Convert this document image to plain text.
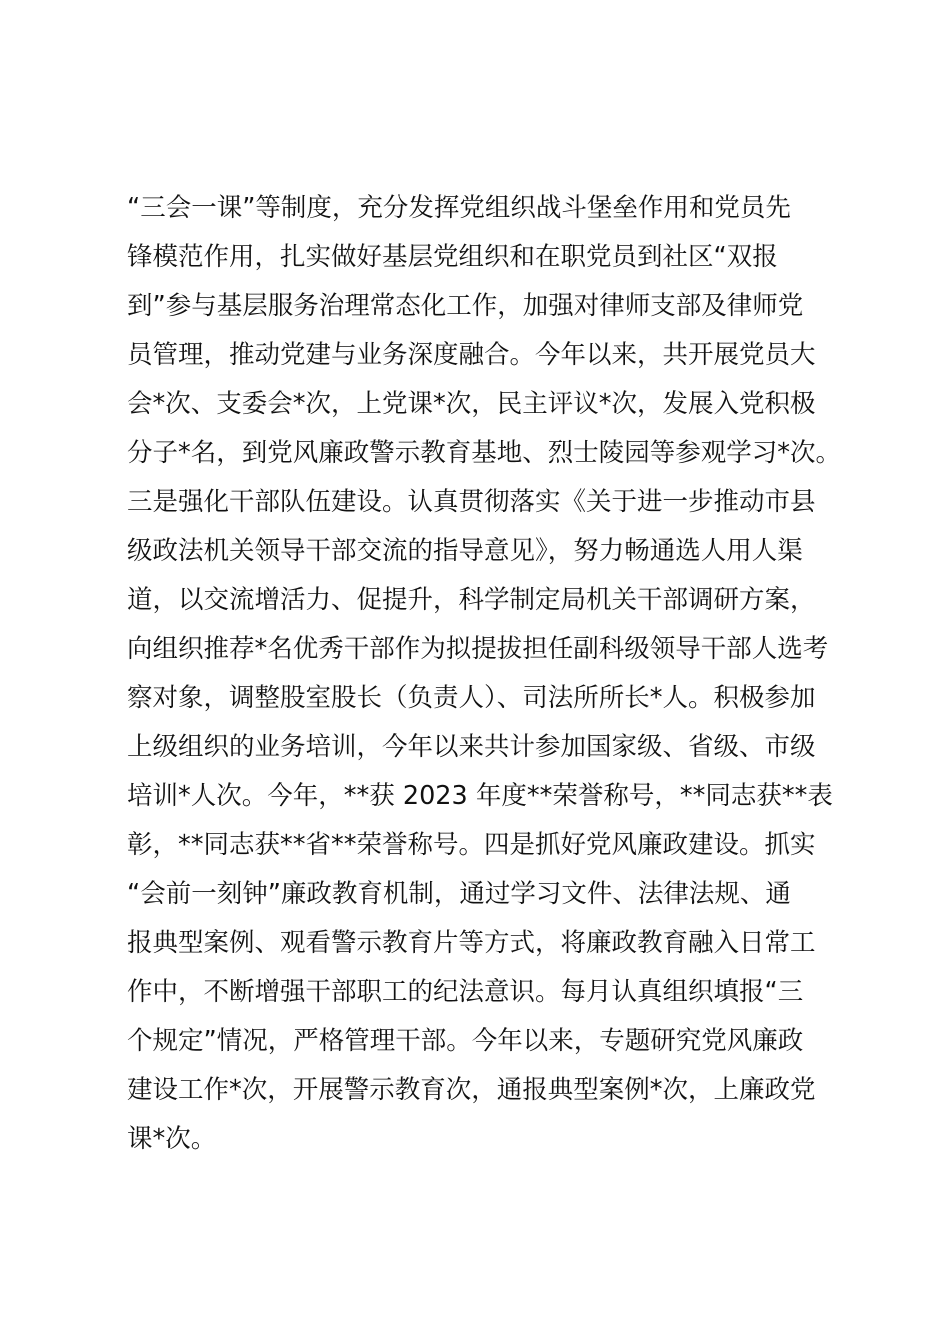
“三会一课”等制度，充分发挥党组织战斗堡垒作用和党员先
锋模范作用，扎实做好基层党组织和在职党员到社区“双报
到”参与基层服务治理常态化工作，加强对律师支部及律师党
员管理，推动党建与业务深度融合。今年以来，共开展党员大
会*次、支委会*次，上党课*次，民主评议*次，发展入党积极
分子*名，到党风廉政警示教育基地、烈士陵园等参观学习*次。
三是强化干部队伍建设。认真贯彻落实《关于进一步推动市县
级政法机关领导干部交流的指导意见》，努力畅通选人用人渠
道，以交流增活力、促提升，科学制定局机关干部调研方案，
向组织推荐*名优秀干部作为拟提拔担任副科级领导干部人选考
察对象，调整股室股长（负责人）、司法所所长*人。积极参加
上级组织的业务培训，今年以来共计参加国家级、省级、市级
培训*人次。今年，**获 2023 年度**荣誉称号，**同志获**表
彰，**同志获**省**荣誉称号。四是抓好党风廉政建设。抓实
“会前一刻钟”廉政教育机制，通过学习文件、法律法规、通
报典型案例、观看警示教育片等方式，将廉政教育融入日常工
作中，不断增强干部职工的纪法意识。每月认真组织填报“三
个规定”情况，严格管理干部。今年以来，专题研究党风廉政
建设工作*次，开展警示教育次，通报典型案例*次，上廉政党
课*次。
